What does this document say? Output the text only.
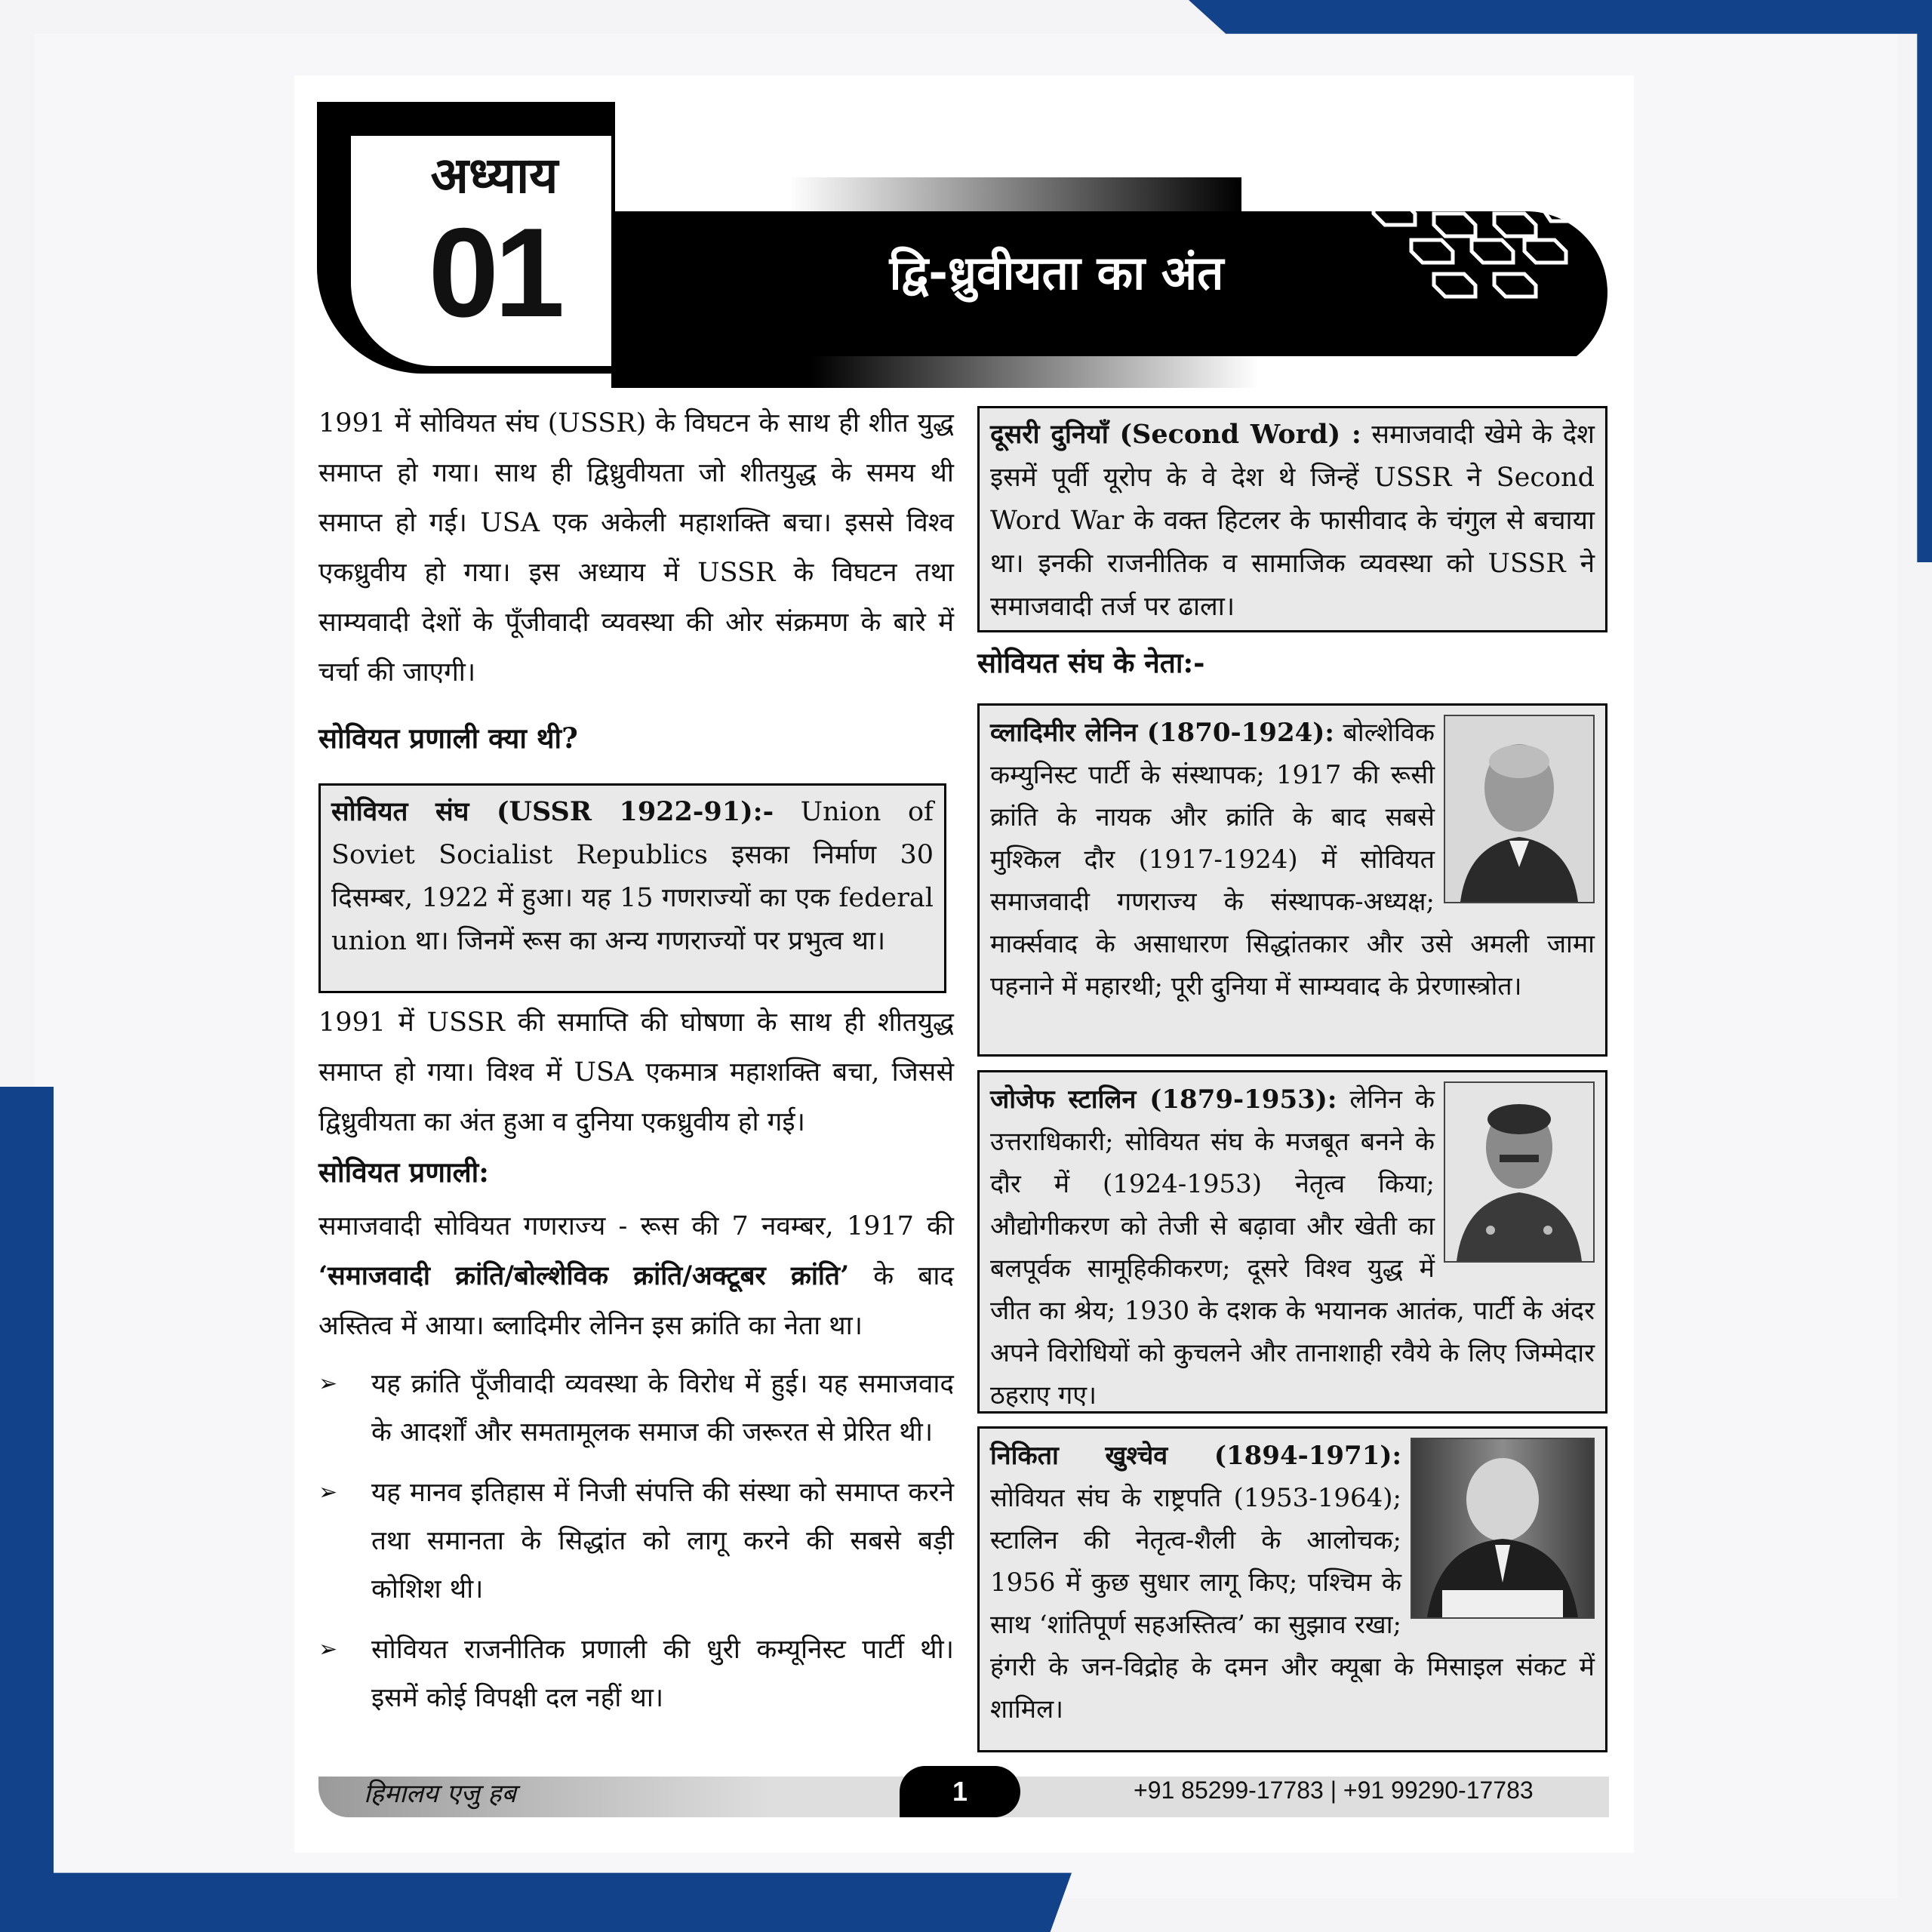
अध्याय
01	द्वि-ध्रुवीयता का अंत

1991 में सोवियत संघ (USSR) के विघटन के साथ ही शीत युद्ध समाप्त हो गया। साथ ही द्विध्रुवीयता जो शीतयुद्ध के समय थी समाप्त हो गई। USA एक अकेली महाशक्ति बचा। इससे विश्व एकध्रुवीय हो गया। इस अध्याय में USSR के विघटन तथा साम्यवादी देशों के पूँजीवादी व्यवस्था की ओर संक्रमण के बारे में चर्चा की जाएगी।

सोवियत प्रणाली क्या थी?

सोवियत संघ (USSR 1922-91):- Union of Soviet Socialist Republics इसका निर्माण 30 दिसम्बर, 1922 में हुआ। यह 15 गणराज्यों का एक federal union था। जिनमें रूस का अन्य गणराज्यों पर प्रभुत्व था।

1991 में USSR की समाप्ति की घोषणा के साथ ही शीतयुद्ध समाप्त हो गया। विश्व में USA एकमात्र महाशक्ति बचा, जिससे द्विध्रुवीयता का अंत हुआ व दुनिया एकध्रुवीय हो गई।

सोवियत प्रणाली:

समाजवादी सोवियत गणराज्य - रूस की 7 नवम्बर, 1917 की ‘समाजवादी क्रांति/बोल्शेविक क्रांति/अक्टूबर क्रांति’ के बाद अस्तित्व में आया। ब्लादिमीर लेनिन इस क्रांति का नेता था।

➢ यह क्रांति पूँजीवादी व्यवस्था के विरोध में हुई। यह समाजवाद के आदर्शों और समतामूलक समाज की जरूरत से प्रेरित थी।
➢ यह मानव इतिहास में निजी संपत्ति की संस्था को समाप्त करने तथा समानता के सिद्धांत को लागू करने की सबसे बड़ी कोशिश थी।
➢ सोवियत राजनीतिक प्रणाली की धुरी कम्यूनिस्ट पार्टी थी। इसमें कोई विपक्षी दल नहीं था।
दूसरी दुनियाँ (Second Word) : समाजवादी खेमे के देश इसमें पूर्वी यूरोप के वे देश थे जिन्हें USSR ने Second Word War के वक्त हिटलर के फासीवाद के चंगुल से बचाया था। इनकी राजनीतिक व सामाजिक व्यवस्था को USSR ने समाजवादी तर्ज पर ढाला।

सोवियत संघ के नेता:-

व्लादिमीर लेनिन (1870-1924): बोल्शेविक कम्युनिस्ट पार्टी के संस्थापक; 1917 की रूसी क्रांति के नायक और क्रांति के बाद सबसे मुश्किल दौर (1917-1924) में सोवियत समाजवादी गणराज्य के संस्थापक-अध्यक्ष; मार्क्सवाद के असाधारण सिद्धांतकार और उसे अमली जामा पहनाने में महारथी; पूरी दुनिया में साम्यवाद के प्रेरणास्त्रोत।
जोजेफ स्टालिन (1879-1953): लेनिन के उत्तराधिकारी; सोवियत संघ के मजबूत बनने के दौर में (1924-1953) नेतृत्व किया; औद्योगीकरण को तेजी से बढ़ावा और खेती का बलपूर्वक सामूहिकीकरण; दूसरे विश्व युद्ध में जीत का श्रेय; 1930 के दशक के भयानक आतंक, पार्टी के अंदर अपने विरोधियों को कुचलने और तानाशाही रवैये के लिए जिम्मेदार ठहराए गए।
निकिता खुश्चेव (1894-1971): सोवियत संघ के राष्ट्रपति (1953-1964); स्टालिन की नेतृत्व-शैली के आलोचक; 1956 में कुछ सुधार लागू किए; पश्चिम के साथ ‘शांतिपूर्ण सहअस्तित्व’ का सुझाव रखा; हंगरी के जन-विद्रोह के दमन और क्यूबा के मिसाइल संकट में शामिल।
हिमालय एजु हब	1	+91 85299-17783 | +91 99290-17783
